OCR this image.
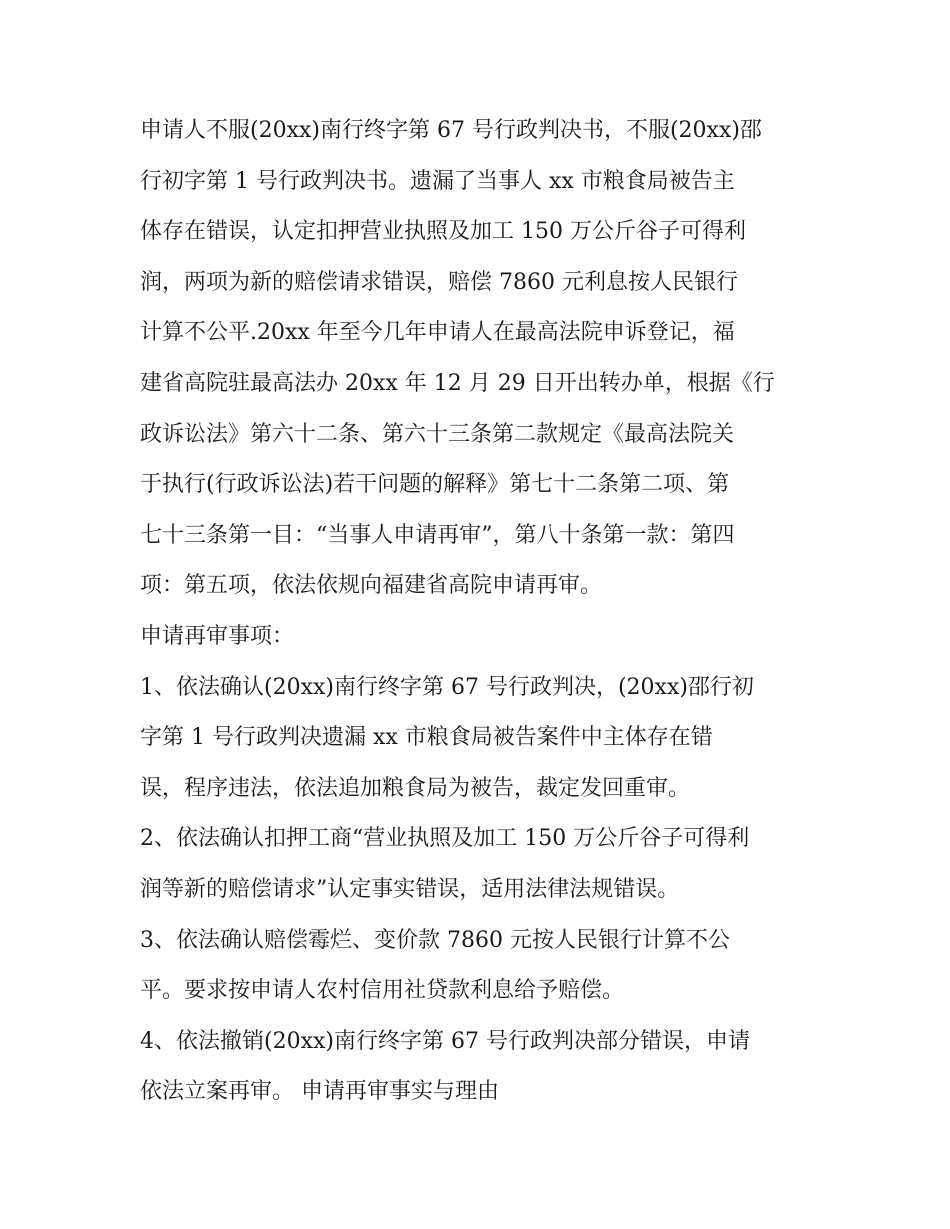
申请人不服(20xx)南行终字第 67 号行政判决书，不服(20xx)邵
行初字第 1 号行政判决书。遗漏了当事人 xx 市粮食局被告主
体存在错误，认定扣押营业执照及加工 150 万公斤谷子可得利
润，两项为新的赔偿请求错误，赔偿 7860 元利息按人民银行
计算不公平.20xx 年至今几年申请人在最高法院申诉登记，福
建省高院驻最高法办 20xx 年 12 月 29 日开出转办单，根据《行
政诉讼法》第六十二条、第六十三条第二款规定《最高法院关
于执行(行政诉讼法)若干问题的解释》第七十二条第二项、第
七十三条第一目：“当事人申请再审”，第八十条第一款：第四
项：第五项，依法依规向福建省高院申请再审。
申请再审事项：
1、依法确认(20xx)南行终字第 67 号行政判决，(20xx)邵行初
字第 1 号行政判决遗漏 xx 市粮食局被告案件中主体存在错
误，程序违法，依法追加粮食局为被告，裁定发回重审。
2、依法确认扣押工商“营业执照及加工 150 万公斤谷子可得利
润等新的赔偿请求”认定事实错误，适用法律法规错误。
3、依法确认赔偿霉烂、变价款 7860 元按人民银行计算不公
平。要求按申请人农村信用社贷款利息给予赔偿。
4、依法撤销(20xx)南行终字第 67 号行政判决部分错误，申请
依法立案再审。 申请再审事实与理由
